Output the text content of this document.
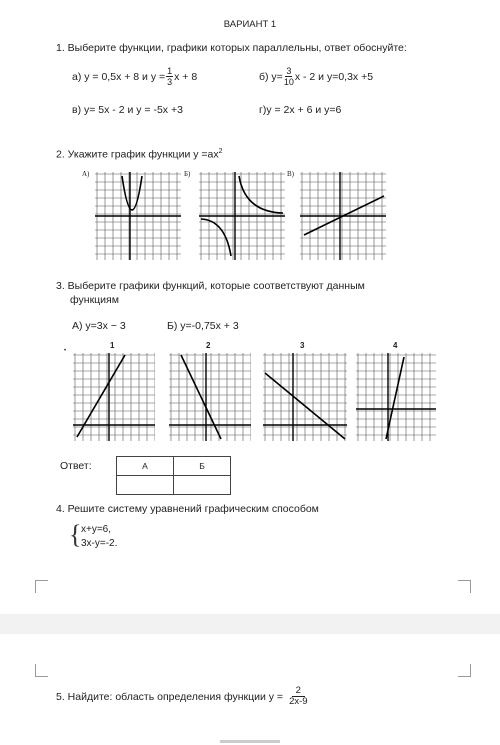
ВАРИАНТ 1
1. Выберите функции, графики которых параллельны, ответ обоснуйте:
а) у = 0,5х + 8 и $у = \frac{1}{3}$ х + 8	б) $у= \frac{3}{10}$ х - 2 и у=0,3х +5
в) у= 5х - 2 и у = -5х +3	г)у = 2х + 6 и у=6
2. Укажите график функции $у =ах^2$
А)	Б)	В)
3. Выберите графики функций, которые соответствуют данным
функциям
А) у=3х − 3	Б) у=-0,75х + 3
1	2	3	4
•
Ответ:	А	Б

4. Решите систему уравнений графическим способом
{ х+у=6,
3х-у=-2.
5. Найдите: область определения функции $у = \frac{2}{2х-9}$
